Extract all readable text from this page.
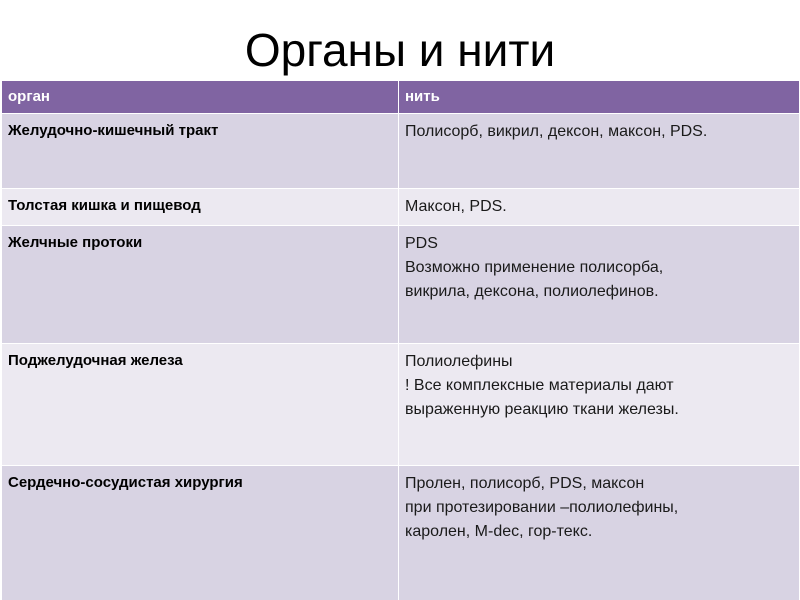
Органы и нити
орган	нить
Желудочно-кишечный тракт	Полисорб, викрил, дексон, максон, PDS.

Толстая кишка и пищевод	Максон, PDS.

Желчные протоки	PDS
Возможно применение полисорба,
викрила, дексона, полиолефинов.

Поджелудочная железа	Полиолефины
! Все комплексные материалы дают
выраженную реакцию ткани железы.

Сердечно-сосудистая хирургия	Пролен, полисорб, PDS, максон
при протезировании –полиолефины,
каролен, М-dec, гор-текс.
